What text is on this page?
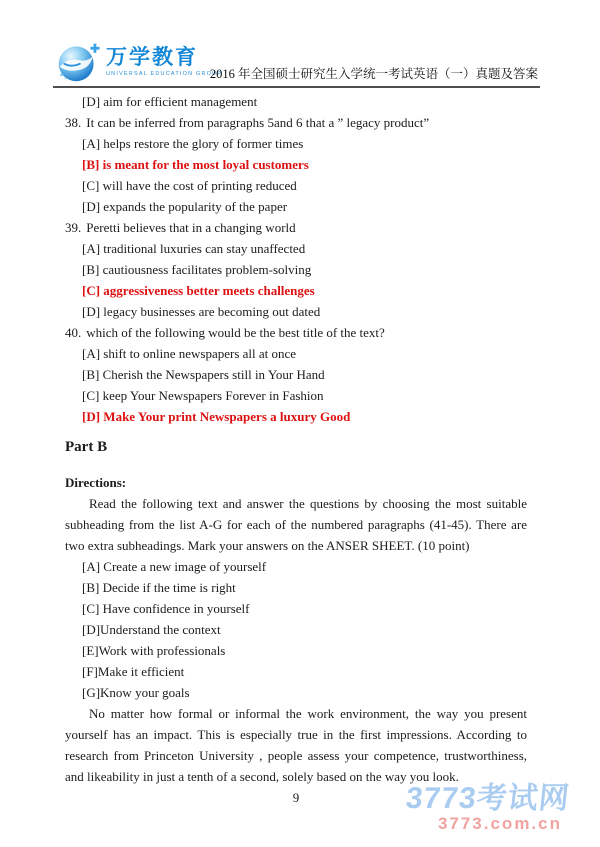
万学教育
UNIVERSAL EDUCATION GROUP
2016 年全国硕士研究生入学统一考试英语（一）真题及答案
[D] aim for efficient management
38. It can be inferred from paragraphs 5and 6 that a ” legacy product”
[A] helps restore the glory of former times
[B] is meant for the most loyal customers
[C] will have the cost of printing reduced
[D] expands the popularity of the paper
39. Peretti believes that in a changing world
[A] traditional luxuries can stay unaffected
[B] cautiousness facilitates problem-solving
[C] aggressiveness better meets challenges
[D] legacy businesses are becoming out dated
40. which of the following would be the best title of the text?
[A] shift to online newspapers all at once
[B] Cherish the Newspapers still in Your Hand
[C] keep Your Newspapers Forever in Fashion
[D] Make Your print Newspapers a luxury Good
Part B
Directions:
Read the following text and answer the questions by choosing the most suitable subheading from the list A-G for each of the numbered paragraphs (41-45). There are two extra subheadings. Mark your answers on the ANSER SHEET. (10 point)
[A] Create a new image of yourself
[B] Decide if the time is right
[C] Have confidence in yourself
[D]Understand the context
[E]Work with professionals
[F]Make it efficient
[G]Know your goals
No matter how formal or informal the work environment, the way you present yourself has an impact. This is especially true in the first impressions. According to research from Princeton University , people assess your competence, trustworthiness, and likeability in just a tenth of a second, solely based on the way you look.
9	3773考试网
3773.com.cn
